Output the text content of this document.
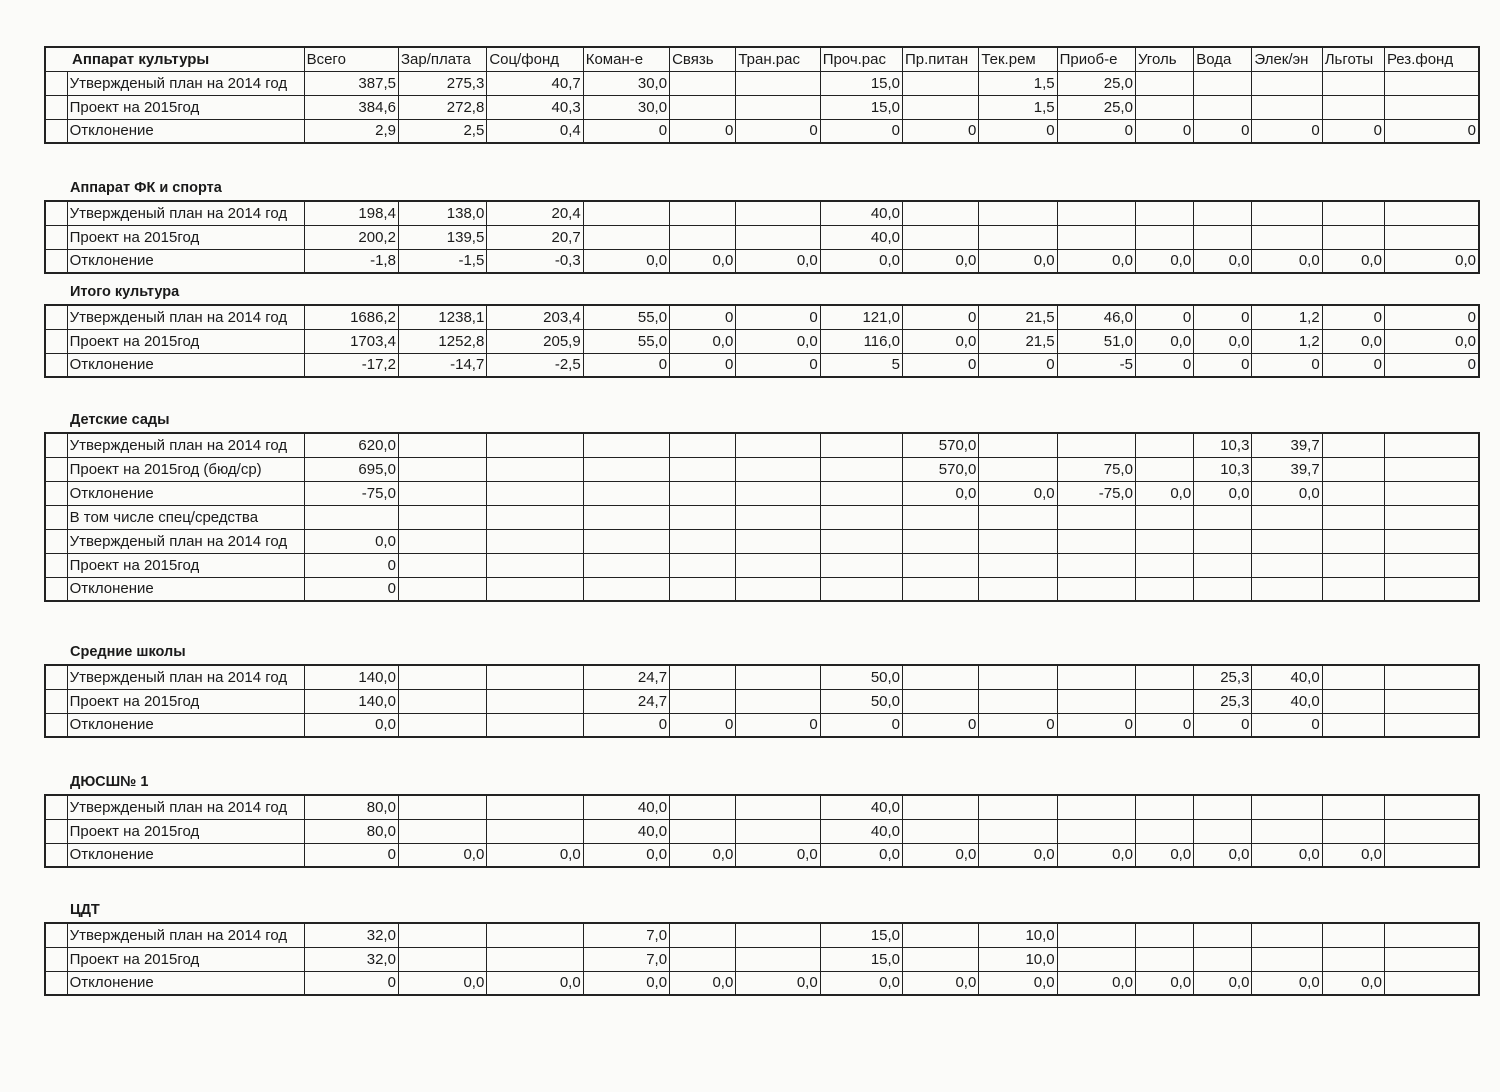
Аппарат культуры		Всего	Зар/плата	Соц/фонд	Коман-е	Связь	Тран.рас	Проч.рас	Пр.питан	Тек.рем	Приоб-е	Уголь	Вода	Элек/эн	Льготы	Рез.фонд
	Утвержденый план на 2014 год	387,5	275,3	40,7	30,0			15,0		1,5	25,0					
	Проект на 2015год	384,6	272,8	40,3	30,0			15,0		1,5	25,0					
	Отклонение	2,9	2,5	0,4	0	0	0	0	0	0	0	0	0	0	0	0
Аппарат ФК и спорта
	Утвержденый план на 2014 год	198,4	138,0	20,4				40,0								
	Проект на 2015год	200,2	139,5	20,7				40,0								
	Отклонение	-1,8	-1,5	-0,3	0,0	0,0	0,0	0,0	0,0	0,0	0,0	0,0	0,0	0,0	0,0	0,0
Итого культура
	Утвержденый план на 2014 год	1686,2	1238,1	203,4	55,0	0	0	121,0	0	21,5	46,0	0	0	1,2	0	0
	Проект на 2015год	1703,4	1252,8	205,9	55,0	0,0	0,0	116,0	0,0	21,5	51,0	0,0	0,0	1,2	0,0	0,0
	Отклонение	-17,2	-14,7	-2,5	0	0	0	5	0	0	-5	0	0	0	0	0
Детские сады
	Утвержденый план на 2014 год	620,0							570,0				10,3	39,7		
	Проект на 2015год (бюд/ср)	695,0							570,0		75,0		10,3	39,7		
	Отклонение	-75,0							0,0	0,0	-75,0	0,0	0,0	0,0		
	В том числе спец/средства															
	Утвержденый план на 2014 год	0,0														
	Проект на 2015год	0														
	Отклонение	0														
Средние школы
	Утвержденый план на 2014 год	140,0			24,7			50,0					25,3	40,0		
	Проект на 2015год	140,0			24,7			50,0					25,3	40,0		
	Отклонение	0,0			0	0	0	0	0	0	0	0	0	0		
ДЮСШ№ 1
	Утвержденый план на 2014 год	80,0			40,0			40,0								
	Проект на 2015год	80,0			40,0			40,0								
	Отклонение	0	0,0	0,0	0,0	0,0	0,0	0,0	0,0	0,0	0,0	0,0	0,0	0,0	0,0	
ЦДТ
	Утвержденый план на 2014 год	32,0			7,0			15,0		10,0						
	Проект на 2015год	32,0			7,0			15,0		10,0						
	Отклонение	0	0,0	0,0	0,0	0,0	0,0	0,0	0,0	0,0	0,0	0,0	0,0	0,0	0,0	
